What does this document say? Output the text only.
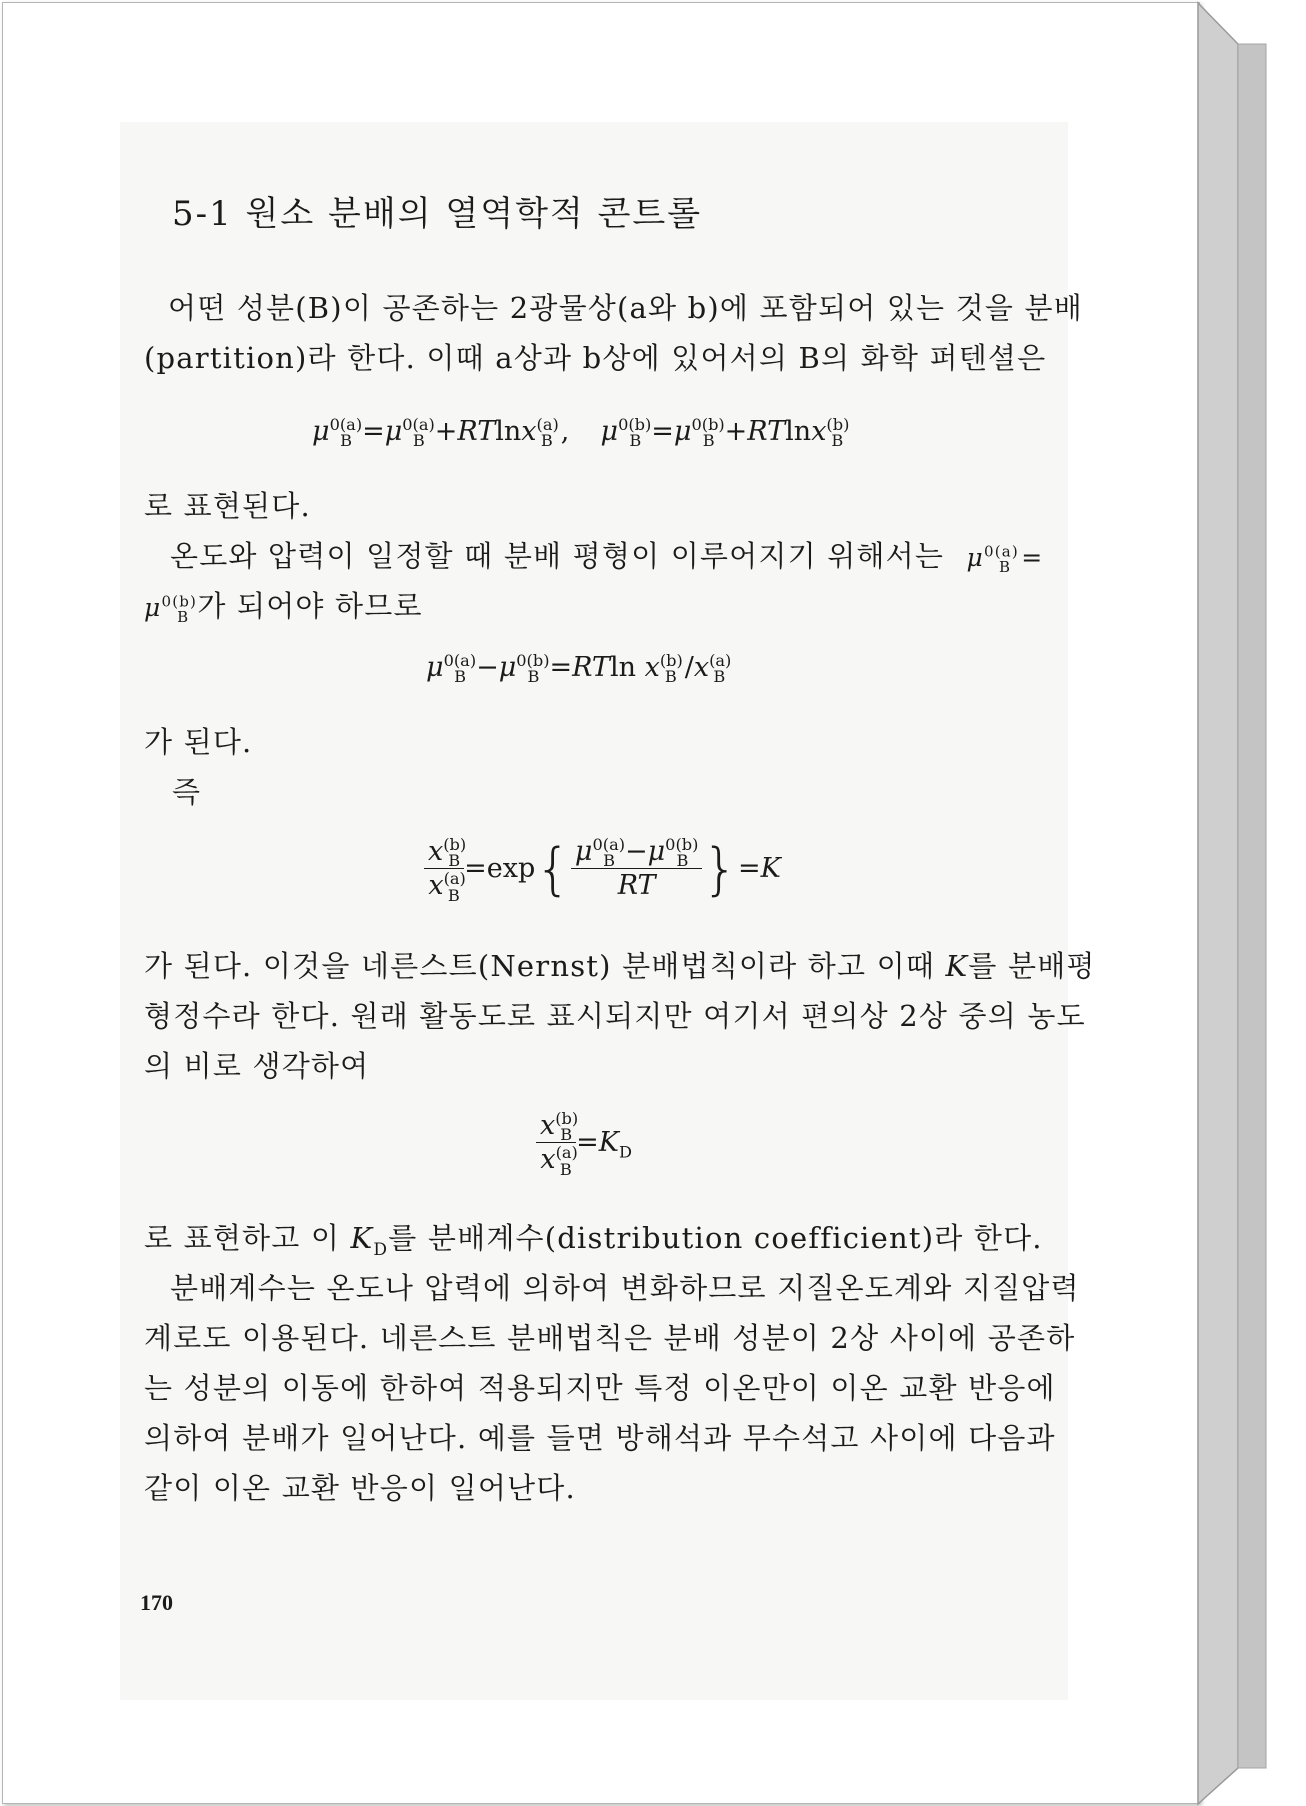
5-1 원소 분배의 열역학적 콘트롤
어떤 성분(B)이 공존하는 2광물상(a와 b)에 포함되어 있는 것을 분배
(partition)라 한다. 이때 a상과 b상에 있어서의 B의 화학 퍼텐셜은
$\mu^{0(a)}_B =\mu^{0(a)}_B +RTlnx^{(a)}_B$ , $\mu^{0(b)}_B =\mu^{0(b)}_B +RTlnx^{(b)}_B$
로 표현된다.
온도와 압력이 일정할 때 분배 평형이 이루어지기 위해서는 $\mu^{0(a)}_B$ =
$\mu^{0(b)}_B$ 가 되어야 하므로
$\mu^{0(a)}_B -\mu^{0(b)}_B =RTln$ $x^{(b)}_B$ $/x^{(a)}_B$
가 된다.
즉
$\frac{x^{(b)}_B}{x^{(a)}_B} =\exp\{ \frac{\mu^{0(a)}_B -\mu^{0(b)}_B}{RT} \}=K$
가 된다. 이것을 네른스트(Nernst) 분배법칙이라 하고 이때 K를 분배평
형정수라 한다. 원래 활동도로 표시되지만 여기서 편의상 2상 중의 농도
의 비로 생각하여
$\frac{x^{(b)}_B}{x^{(a)}_B} =K_D$
로 표현하고 이 $K_D$를 분배계수(distribution coefficient)라 한다.
분배계수는 온도나 압력에 의하여 변화하므로 지질온도계와 지질압력
계로도 이용된다. 네른스트 분배법칙은 분배 성분이 2상 사이에 공존하
는 성분의 이동에 한하여 적용되지만 특정 이온만이 이온 교환 반응에
의하여 분배가 일어난다. 예를 들면 방해석과 무수석고 사이에 다음과
같이 이온 교환 반응이 일어난다.
170
